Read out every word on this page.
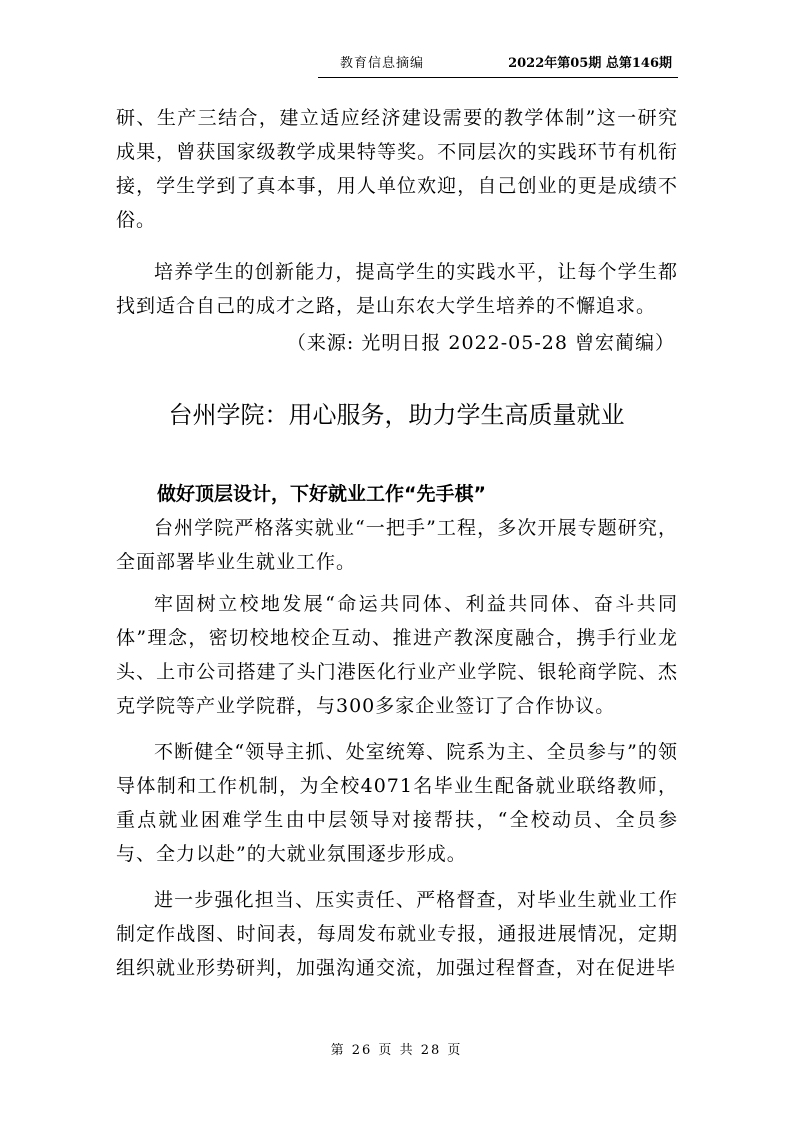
教育信息摘编	2022年第05期 总第146期

研、生产三结合，建立适应经济建设需要的教学体制”这一研究成果，曾获国家级教学成果特等奖。不同层次的实践环节有机衔接，学生学到了真本事，用人单位欢迎，自己创业的更是成绩不俗。

培养学生的创新能力，提高学生的实践水平，让每个学生都找到适合自己的成才之路，是山东农大学生培养的不懈追求。

（来源: 光明日报 2022-05-28 曾宏蔺编）
台州学院：用心服务，助力学生高质量就业
做好顶层设计，下好就业工作“先手棋”

台州学院严格落实就业“一把手”工程，多次开展专题研究，全面部署毕业生就业工作。

牢固树立校地发展“命运共同体、利益共同体、奋斗共同体”理念，密切校地校企互动、推进产教深度融合，携手行业龙头、上市公司搭建了头门港医化行业产业学院、银轮商学院、杰克学院等产业学院群，与300多家企业签订了合作协议。

不断健全“领导主抓、处室统筹、院系为主、全员参与”的领导体制和工作机制，为全校4071名毕业生配备就业联络教师，重点就业困难学生由中层领导对接帮扶，“全校动员、全员参与、全力以赴”的大就业氛围逐步形成。

进一步强化担当、压实责任、严格督查，对毕业生就业工作制定作战图、时间表，每周发布就业专报，通报进展情况，定期组织就业形势研判，加强沟通交流，加强过程督查，对在促进毕

第 26 页 共 28 页
